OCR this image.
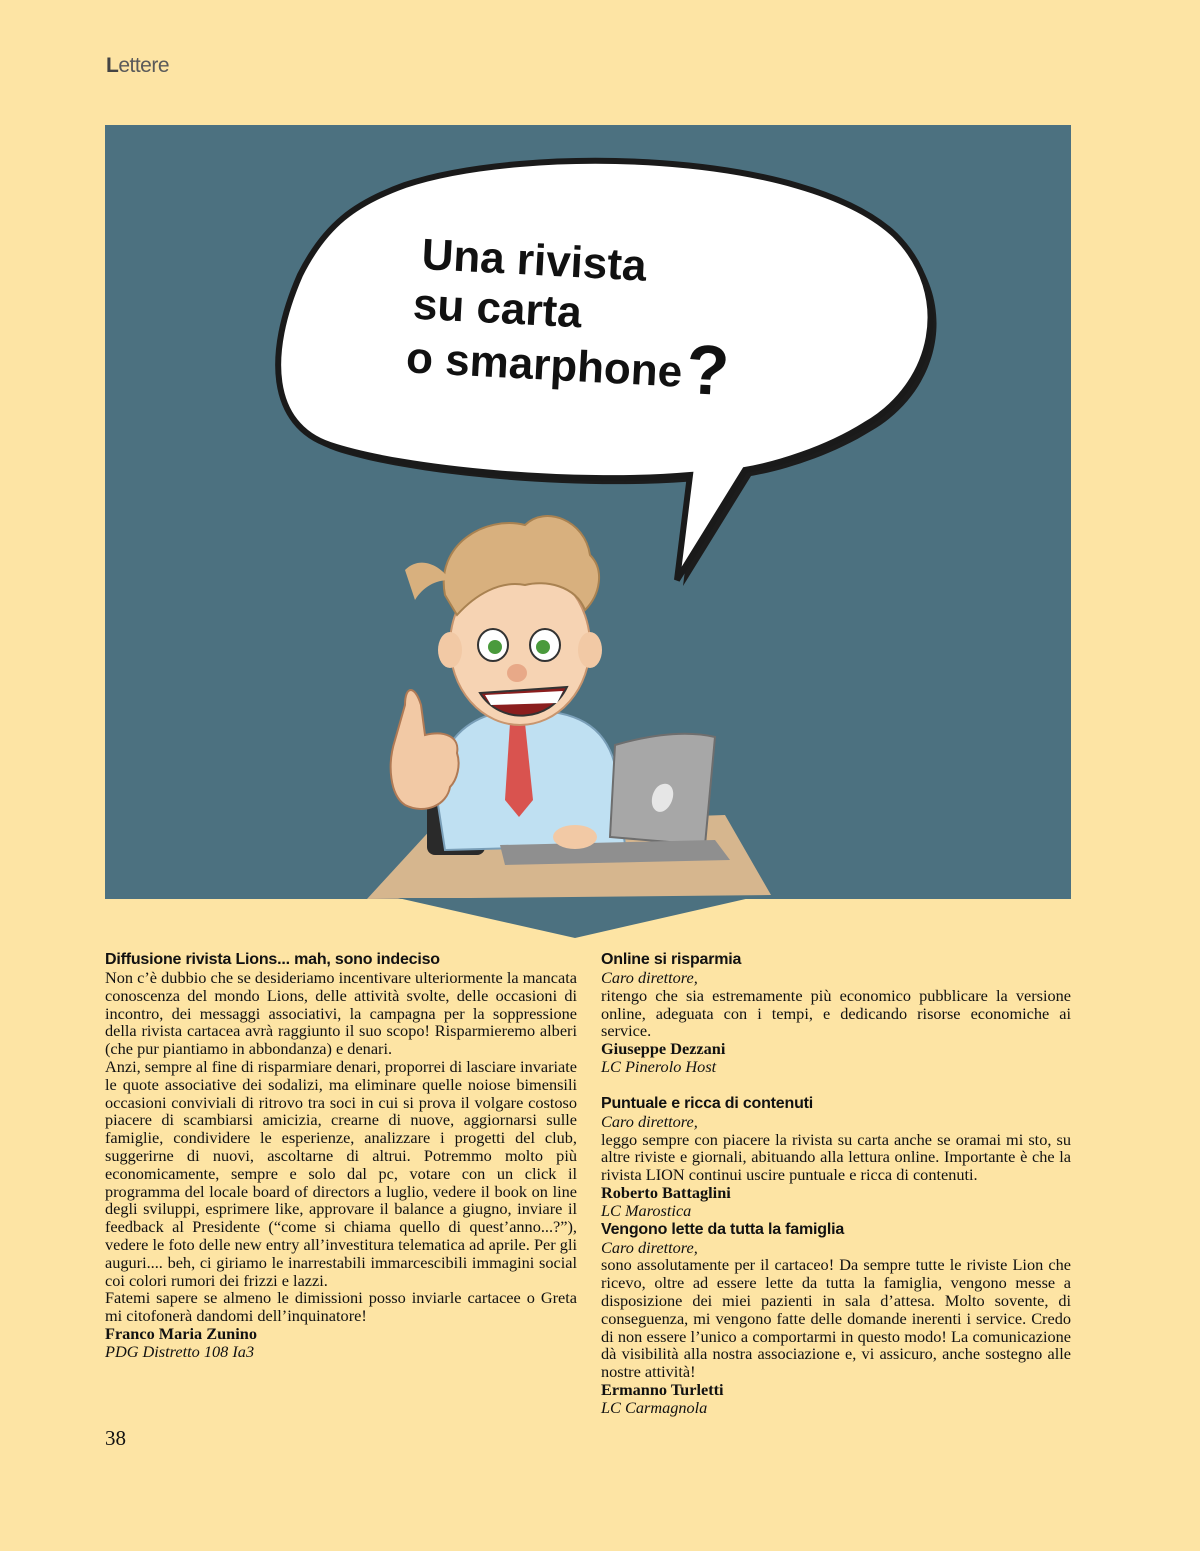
Lettere
Una rivista
su carta
o smarphone?

Diffusione rivista Lions... mah, sono indeciso

Non c’è dubbio che se desideriamo incentivare ulteriormente la mancata conoscenza del mondo Lions, delle attività svolte, delle occasioni di incontro, dei messaggi associativi, la campagna per la soppressione della rivista cartacea avrà raggiunto il suo scopo! Risparmieremo alberi (che pur piantiamo in abbondanza) e denari.

Anzi, sempre al fine di risparmiare denari, proporrei di lasciare invariate le quote associative dei sodalizi, ma eliminare quelle noiose bimensili occasioni conviviali di ritrovo tra soci in cui si prova il volgare costoso piacere di scambiarsi amicizia, crearne di nuove, aggiornarsi sulle famiglie, condividere le esperienze, analizzare i progetti del club, suggerirne di nuovi, ascoltarne di altrui. Potremmo molto più economicamente, sempre e solo dal pc, votare con un click il programma del locale board of directors a luglio, vedere il book on line degli sviluppi, esprimere like, approvare il balance a giugno, inviare il feedback al Presidente (“come si chiama quello di quest’anno...?”), vedere le foto delle new entry all’investitura telematica ad aprile. Per gli auguri.... beh, ci giriamo le inarrestabili immarcescibili immagini social coi colori rumori dei frizzi e lazzi.

Fatemi sapere se almeno le dimissioni posso inviarle cartacee o Greta mi citofonerà dandomi dell’inquinatore!

Franco Maria Zunino

PDG Distretto 108 Ia3

Online si risparmia

Caro direttore,

ritengo che sia estremamente più economico pubblicare la versione online, adeguata con i tempi, e dedicando risorse economiche ai service.

Giuseppe Dezzani

LC Pinerolo Host

Puntuale e ricca di contenuti

Caro direttore,

leggo sempre con piacere la rivista su carta anche se oramai mi sto, su altre riviste e giornali, abituando alla lettura online. Importante è che la rivista LION continui uscire puntuale e ricca di contenuti.

Roberto Battaglini

LC Marostica

Vengono lette da tutta la famiglia

Caro direttore,

sono assolutamente per il cartaceo! Da sempre tutte le riviste Lion che ricevo, oltre ad essere lette da tutta la famiglia, vengono messe a disposizione dei miei pazienti in sala d’attesa. Molto sovente, di conseguenza, mi vengono fatte delle domande inerenti i service. Credo di non essere l’unico a comportarmi in questo modo! La comunicazione dà visibilità alla nostra associazione e, vi assicuro, anche sostegno alle nostre attività!

Ermanno Turletti

LC Carmagnola

38
